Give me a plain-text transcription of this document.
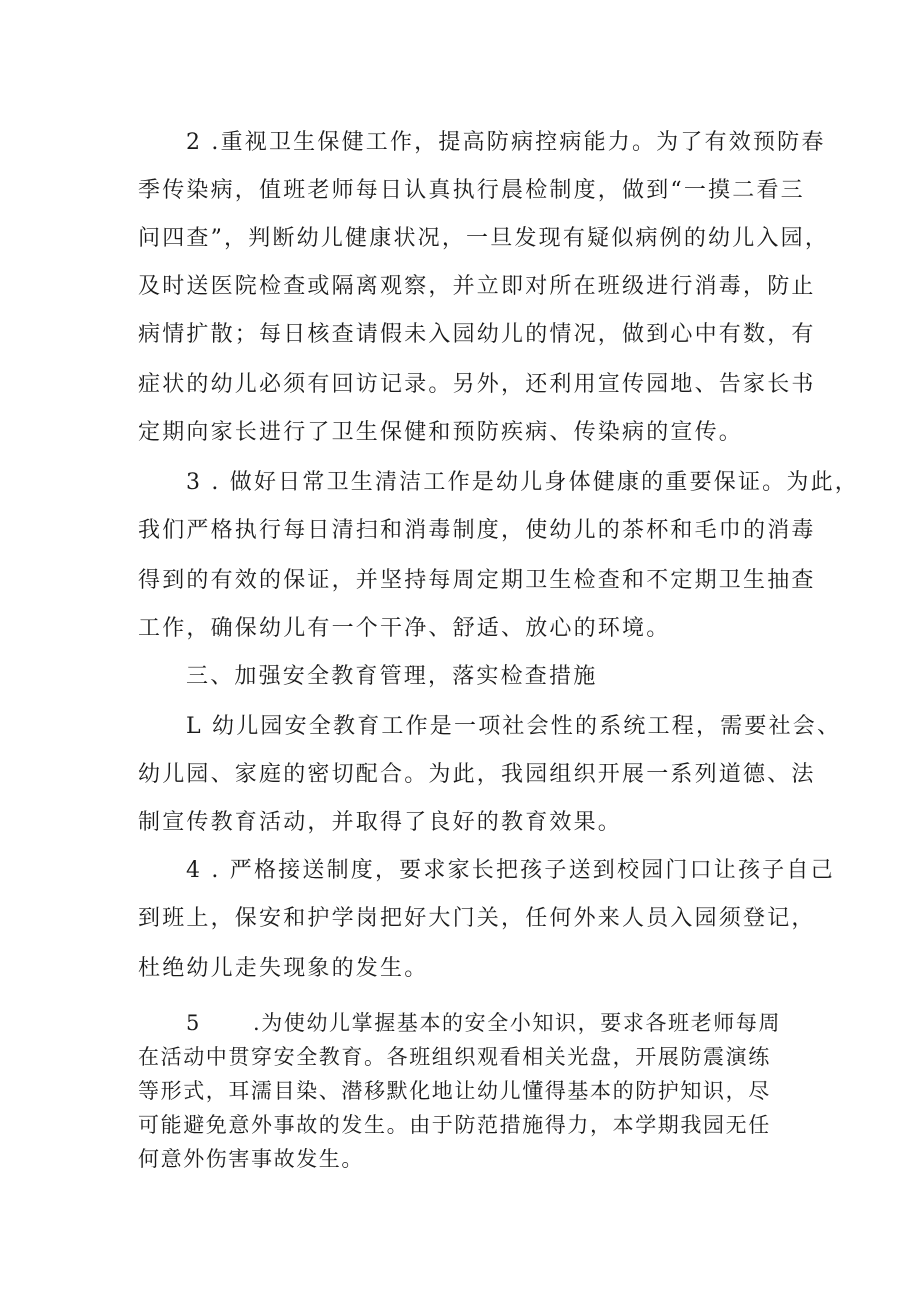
2 .重视卫生保健工作，提高防病控病能力。为了有效预防春
季传染病，值班老师每日认真执行晨检制度，做到“一摸二看三
问四查”，判断幼儿健康状况，一旦发现有疑似病例的幼儿入园，
及时送医院检查或隔离观察，并立即对所在班级进行消毒，防止
病情扩散；每日核查请假未入园幼儿的情况，做到心中有数，有
症状的幼儿必须有回访记录。另外，还利用宣传园地、告家长书
定期向家长进行了卫生保健和预防疾病、传染病的宣传。
3 . 做好日常卫生清洁工作是幼儿身体健康的重要保证。为此，
我们严格执行每日清扫和消毒制度，使幼儿的茶杯和毛巾的消毒
得到的有效的保证，并坚持每周定期卫生检查和不定期卫生抽查
工作，确保幼儿有一个干净、舒适、放心的环境。
三、加强安全教育管理，落实检查措施
L 幼儿园安全教育工作是一项社会性的系统工程，需要社会、
幼儿园、家庭的密切配合。为此，我园组织开展一系列道德、法
制宣传教育活动，并取得了良好的教育效果。
4 . 严格接送制度，要求家长把孩子送到校园门口让孩子自己
到班上，保安和护学岗把好大门关，任何外来人员入园须登记，
杜绝幼儿走失现象的发生。
5 .为使幼儿掌握基本的安全小知识，要求各班老师每周
在活动中贯穿安全教育。各班组织观看相关光盘，开展防震演练
等形式，耳濡目染、潜移默化地让幼儿懂得基本的防护知识，尽
可能避免意外事故的发生。由于防范措施得力，本学期我园无任
何意外伤害事故发生。
